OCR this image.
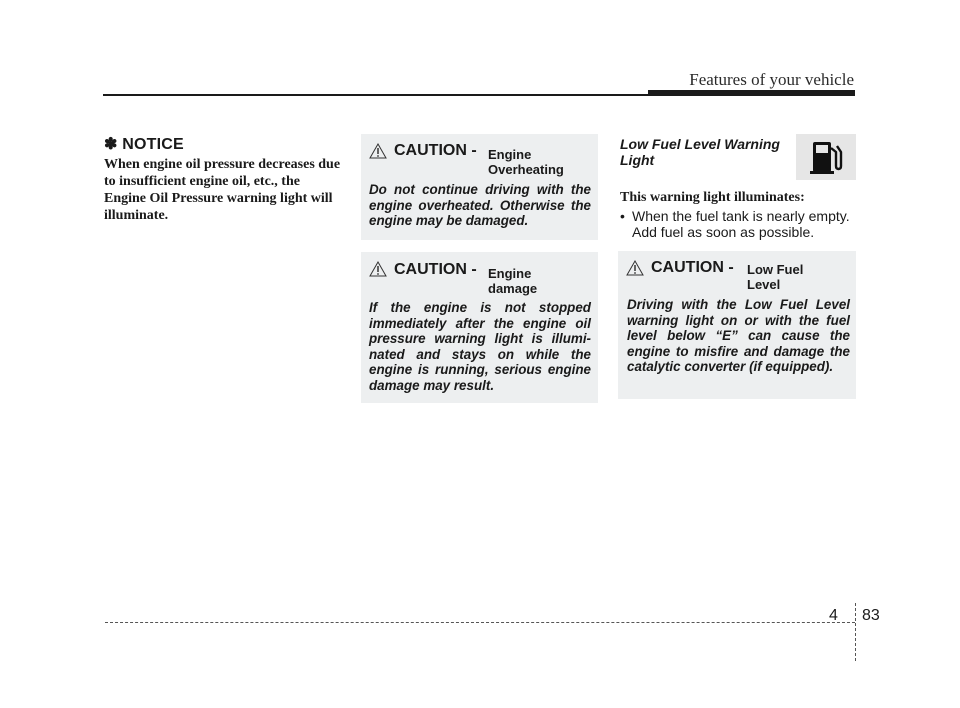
Features of your vehicle
✽ NOTICE
When engine oil pressure decreases due to insufficient engine oil, etc., the Engine Oil Pressure warning light will illuminate.
CAUTION - Engine Overheating
Do not continue driving with the engine overheated. Otherwise the engine may be damaged.
CAUTION - Engine damage
If the engine is not stopped immediately after the engine oil pressure warning light is illumi- nated and stays on while the engine is running, serious engine damage may result.
Low Fuel Level Warning Light
This warning light illuminates:
• When the fuel tank is nearly empty. Add fuel as soon as possible.
CAUTION - Low Fuel Level
Driving with the Low Fuel Level warning light on or with the fuel level below “E” can cause the engine to misfire and damage the catalytic converter (if equipped).
4 83
